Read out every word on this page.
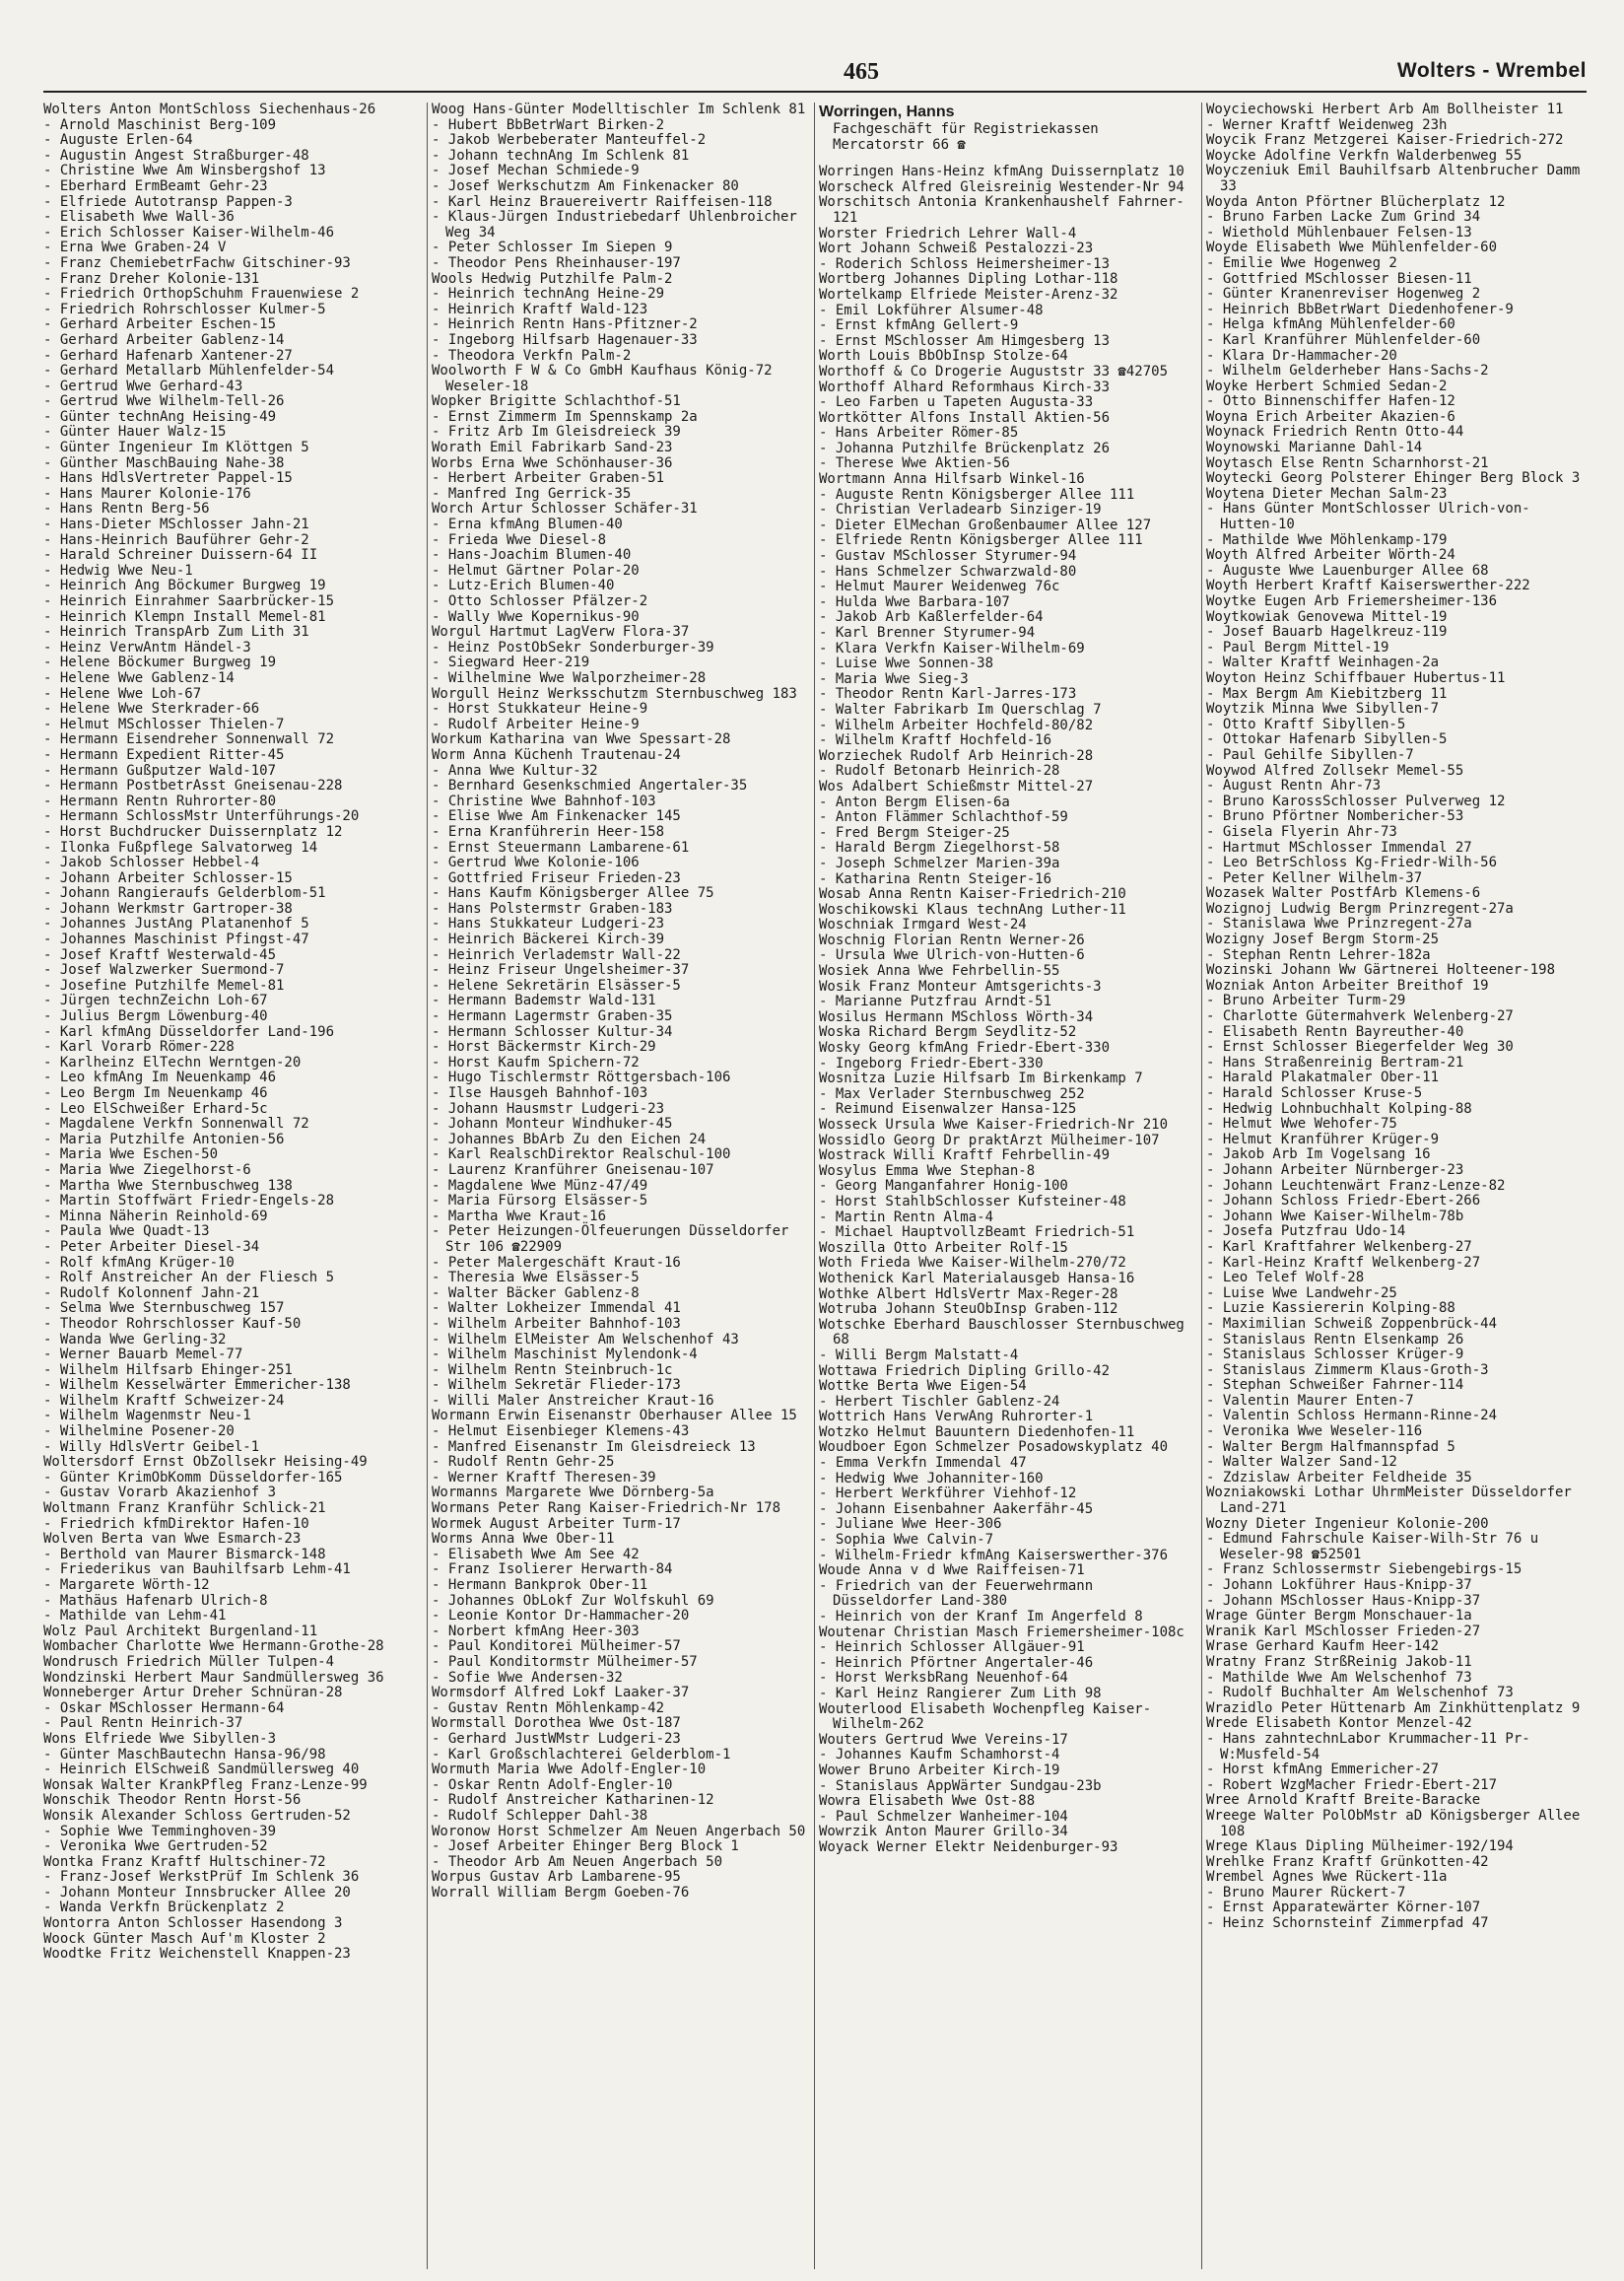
465	Wolters - Wrembel
Wolters Anton MontSchloss Siechenhaus-26
- Arnold Maschinist Berg-109
- Auguste Erlen-64
- Augustin Angest Straßburger-48
- Christine Wwe Am Winsbergshof 13
- Eberhard ErmBeamt Gehr-23
- Elfriede Autotransp Pappen-3
- Elisabeth Wwe Wall-36
- Erich Schlosser Kaiser-Wilhelm-46
- Erna Wwe Graben-24 V
- Franz ChemiebetrFachw Gitschiner-93
- Franz Dreher Kolonie-131
- Friedrich OrthopSchuhm Frauenwiese 2
- Friedrich Rohrschlosser Kulmer-5
- Gerhard Arbeiter Eschen-15
- Gerhard Arbeiter Gablenz-14
- Gerhard Hafenarb Xantener-27
- Gerhard Metallarb Mühlenfelder-54
- Gertrud Wwe Gerhard-43
- Gertrud Wwe Wilhelm-Tell-26
- Günter technAng Heising-49
- Günter Hauer Walz-15
- Günter Ingenieur Im Klöttgen 5
- Günther MaschBauing Nahe-38
- Hans HdlsVertreter Pappel-15
- Hans Maurer Kolonie-176
- Hans Rentn Berg-56
- Hans-Dieter MSchlosser Jahn-21
- Hans-Heinrich Bauführer Gehr-2
- Harald Schreiner Duissern-64 II
- Hedwig Wwe Neu-1
- Heinrich Ang Böckumer Burgweg 19
- Heinrich Einrahmer Saarbrücker-15
- Heinrich Klempn Install Memel-81
- Heinrich TranspArb Zum Lith 31
- Heinz VerwAntm Händel-3
- Helene Böckumer Burgweg 19
- Helene Wwe Gablenz-14
- Helene Wwe Loh-67
- Helene Wwe Sterkrader-66
- Helmut MSchlosser Thielen-7
- Hermann Eisendreher Sonnenwall 72
- Hermann Expedient Ritter-45
- Hermann Gußputzer Wald-107
- Hermann PostbetrAsst Gneisenau-228
- Hermann Rentn Ruhrorter-80
- Hermann SchlossMstr Unterführungs-20
- Horst Buchdrucker Duissernplatz 12
- Ilonka Fußpflege Salvatorweg 14
- Jakob Schlosser Hebbel-4
- Johann Arbeiter Schlosser-15
- Johann Rangieraufs Gelderblom-51
- Johann Werkmstr Gartroper-38
- Johannes JustAng Platanenhof 5
- Johannes Maschinist Pfingst-47
- Josef Kraftf Westerwald-45
- Josef Walzwerker Suermond-7
- Josefine Putzhilfe Memel-81
- Jürgen technZeichn Loh-67
- Julius Bergm Löwenburg-40
- Karl kfmAng Düsseldorfer Land-196
- Karl Vorarb Römer-228
- Karlheinz ElTechn Werntgen-20
- Leo kfmAng Im Neuenkamp 46
- Leo Bergm Im Neuenkamp 46
- Leo ElSchweißer Erhard-5c
- Magdalene Verkfn Sonnenwall 72
- Maria Putzhilfe Antonien-56
- Maria Wwe Eschen-50
- Maria Wwe Ziegelhorst-6
- Martha Wwe Sternbuschweg 138
- Martin Stoffwärt Friedr-Engels-28
- Minna Näherin Reinhold-69
- Paula Wwe Quadt-13
- Peter Arbeiter Diesel-34
- Rolf kfmAng Krüger-10
- Rolf Anstreicher An der Fliesch 5
- Rudolf Kolonnenf Jahn-21
- Selma Wwe Sternbuschweg 157
- Theodor Rohrschlosser Kauf-50
- Wanda Wwe Gerling-32
- Werner Bauarb Memel-77
- Wilhelm Hilfsarb Ehinger-251
- Wilhelm Kesselwärter Emmericher-138
- Wilhelm Kraftf Schweizer-24
- Wilhelm Wagenmstr Neu-1
- Wilhelmine Posener-20
- Willy HdlsVertr Geibel-1
Woltersdorf Ernst ObZollsekr Heising-49
- Günter KrimObKomm Düsseldorfer-165
- Gustav Vorarb Akazienhof 3
Woltmann Franz Kranführ Schlick-21
- Friedrich kfmDirektor Hafen-10
Wolven Berta van Wwe Esmarch-23
- Berthold van Maurer Bismarck-148
- Friederikus van Bauhilfsarb Lehm-41
- Margarete Wörth-12
- Mathäus Hafenarb Ulrich-8
- Mathilde van Lehm-41
Wolz Paul Architekt Burgenland-11
Wombacher Charlotte Wwe Hermann-Grothe-28
Wondrusch Friedrich Müller Tulpen-4
Wondzinski Herbert Maur Sandmüllersweg 36
Wonneberger Artur Dreher Schnüran-28
- Oskar MSchlosser Hermann-64
- Paul Rentn Heinrich-37
Wons Elfriede Wwe Sibyllen-3
- Günter MaschBautechn Hansa-96/98
- Heinrich ElSchweiß Sandmüllersweg 40
Wonsak Walter KrankPfleg Franz-Lenze-99
Wonschik Theodor Rentn Horst-56
Wonsik Alexander Schloss Gertruden-52
- Sophie Wwe Temminghoven-39
- Veronika Wwe Gertruden-52
Wontka Franz Kraftf Hultschiner-72
- Franz-Josef WerkstPrüf Im Schlenk 36
- Johann Monteur Innsbrucker Allee 20
- Wanda Verkfn Brückenplatz 2
Wontorra Anton Schlosser Hasendong 3
Woock Günter Masch Auf'm Kloster 2
Woodtke Fritz Weichenstell Knappen-23
Woog Hans-Günter Modelltischler Im Schlenk 81
- Hubert BbBetrWart Birken-2
- Jakob Werbeberater Manteuffel-2
- Johann technAng Im Schlenk 81
- Josef Mechan Schmiede-9
- Josef Werkschutzm Am Finkenacker 80
- Karl Heinz Brauereivertr Raiffeisen-118
- Klaus-Jürgen Industriebedarf Uhlenbroicher Weg 34
- Peter Schlosser Im Siepen 9
- Theodor Pens Rheinhauser-197
Wools Hedwig Putzhilfe Palm-2
- Heinrich technAng Heine-29
- Heinrich Kraftf Wald-123
- Heinrich Rentn Hans-Pfitzner-2
- Ingeborg Hilfsarb Hagenauer-33
- Theodora Verkfn Palm-2
Woolworth F W & Co GmbH Kaufhaus König-72 Weseler-18
Wopker Brigitte Schlachthof-51
- Ernst Zimmerm Im Spennskamp 2a
- Fritz Arb Im Gleisdreieck 39
Worath Emil Fabrikarb Sand-23
Worbs Erna Wwe Schönhauser-36
- Herbert Arbeiter Graben-51
- Manfred Ing Gerrick-35
Worch Artur Schlosser Schäfer-31
- Erna kfmAng Blumen-40
- Frieda Wwe Diesel-8
- Hans-Joachim Blumen-40
- Helmut Gärtner Polar-20
- Lutz-Erich Blumen-40
- Otto Schlosser Pfälzer-2
- Wally Wwe Kopernikus-90
Worgul Hartmut LagVerw Flora-37
- Heinz PostObSekr Sonderburger-39
- Siegward Heer-219
- Wilhelmine Wwe Walporzheimer-28
Worgull Heinz Werksschutzm Sternbuschweg 183
- Horst Stukkateur Heine-9
- Rudolf Arbeiter Heine-9
Workum Katharina van Wwe Spessart-28
Worm Anna Küchenh Trautenau-24
- Anna Wwe Kultur-32
- Bernhard Gesenkschmied Angertaler-35
- Christine Wwe Bahnhof-103
- Elise Wwe Am Finkenacker 145
- Erna Kranführerin Heer-158
- Ernst Steuermann Lambarene-61
- Gertrud Wwe Kolonie-106
- Gottfried Friseur Frieden-23
- Hans Kaufm Königsberger Allee 75
- Hans Polstermstr Graben-183
- Hans Stukkateur Ludgeri-23
- Heinrich Bäckerei Kirch-39
- Heinrich Verlademstr Wall-22
- Heinz Friseur Ungelsheimer-37
- Helene Sekretärin Elsässer-5
- Hermann Bademstr Wald-131
- Hermann Lagermstr Graben-35
- Hermann Schlosser Kultur-34
- Horst Bäckermstr Kirch-29
- Horst Kaufm Spichern-72
- Hugo Tischlermstr Röttgersbach-106
- Ilse Hausgeh Bahnhof-103
- Johann Hausmstr Ludgeri-23
- Johann Monteur Windhuker-45
- Johannes BbArb Zu den Eichen 24
- Karl RealschDirektor Realschul-100
- Laurenz Kranführer Gneisenau-107
- Magdalene Wwe Münz-47/49
- Maria Fürsorg Elsässer-5
- Martha Wwe Kraut-16
- Peter Heizungen-Ölfeuerungen Düsseldorfer Str 106 ☎22909
- Peter Malergeschäft Kraut-16
- Theresia Wwe Elsässer-5
- Walter Bäcker Gablenz-8
- Walter Lokheizer Immendal 41
- Wilhelm Arbeiter Bahnhof-103
- Wilhelm ElMeister Am Welschenhof 43
- Wilhelm Maschinist Mylendonk-4
- Wilhelm Rentn Steinbruch-1c
- Wilhelm Sekretär Flieder-173
- Willi Maler Anstreicher Kraut-16
Wormann Erwin Eisenanstr Oberhauser Allee 15
- Helmut Eisenbieger Klemens-43
- Manfred Eisenanstr Im Gleisdreieck 13
- Rudolf Rentn Gehr-25
- Werner Kraftf Theresen-39
Wormanns Margarete Wwe Dörnberg-5a
Wormans Peter Rang Kaiser-Friedrich-Nr 178
Wormek August Arbeiter Turm-17
Worms Anna Wwe Ober-11
- Elisabeth Wwe Am See 42
- Franz Isolierer Herwarth-84
- Hermann Bankprok Ober-11
- Johannes ObLokf Zur Wolfskuhl 69
- Leonie Kontor Dr-Hammacher-20
- Norbert kfmAng Heer-303
- Paul Konditorei Mülheimer-57
- Paul Konditormstr Mülheimer-57
- Sofie Wwe Andersen-32
Wormsdorf Alfred Lokf Laaker-37
- Gustav Rentn Möhlenkamp-42
Wormstall Dorothea Wwe Ost-187
- Gerhard JustWMstr Ludgeri-23
- Karl Großschlachterei Gelderblom-1
Wormuth Maria Wwe Adolf-Engler-10
- Oskar Rentn Adolf-Engler-10
- Rudolf Anstreicher Katharinen-12
- Rudolf Schlepper Dahl-38
Woronow Horst Schmelzer Am Neuen Angerbach 50
- Josef Arbeiter Ehinger Berg Block 1
- Theodor Arb Am Neuen Angerbach 50
Worpus Gustav Arb Lambarene-95
Worrall William Bergm Goeben-76
Worringen, Hanns
Fachgeschäft für Registriekassen
Mercatorstr 66 ☎
Worringen Hans-Heinz kfmAng Duissernplatz 10
Worscheck Alfred Gleisreinig Westender-Nr 94
Worschitsch Antonia Krankenhaushelf Fahrner-121
Worster Friedrich Lehrer Wall-4
Wort Johann Schweiß Pestalozzi-23
- Roderich Schloss Heimersheimer-13
Wortberg Johannes Dipling Lothar-118
Wortelkamp Elfriede Meister-Arenz-32
- Emil Lokführer Alsumer-48
- Ernst kfmAng Gellert-9
- Ernst MSchlosser Am Himgesberg 13
Worth Louis BbObInsp Stolze-64
Worthoff & Co Drogerie Auguststr 33 ☎42705
Worthoff Alhard Reformhaus Kirch-33
- Leo Farben u Tapeten Augusta-33
Wortkötter Alfons Install Aktien-56
- Hans Arbeiter Römer-85
- Johanna Putzhilfe Brückenplatz 26
- Therese Wwe Aktien-56
Wortmann Anna Hilfsarb Winkel-16
- Auguste Rentn Königsberger Allee 111
- Christian Verladearb Sinziger-19
- Dieter ElMechan Großenbaumer Allee 127
- Elfriede Rentn Königsberger Allee 111
- Gustav MSchlosser Styrumer-94
- Hans Schmelzer Schwarzwald-80
- Helmut Maurer Weidenweg 76c
- Hulda Wwe Barbara-107
- Jakob Arb Kaßlerfelder-64
- Karl Brenner Styrumer-94
- Klara Verkfn Kaiser-Wilhelm-69
- Luise Wwe Sonnen-38
- Maria Wwe Sieg-3
- Theodor Rentn Karl-Jarres-173
- Walter Fabrikarb Im Querschlag 7
- Wilhelm Arbeiter Hochfeld-80/82
- Wilhelm Kraftf Hochfeld-16
Worziechek Rudolf Arb Heinrich-28
- Rudolf Betonarb Heinrich-28
Wos Adalbert Schießmstr Mittel-27
- Anton Bergm Elisen-6a
- Anton Flämmer Schlachthof-59
- Fred Bergm Steiger-25
- Harald Bergm Ziegelhorst-58
- Joseph Schmelzer Marien-39a
- Katharina Rentn Steiger-16
Wosab Anna Rentn Kaiser-Friedrich-210
Woschikowski Klaus technAng Luther-11
Woschniak Irmgard West-24
Woschnig Florian Rentn Werner-26
- Ursula Wwe Ulrich-von-Hutten-6
Wosiek Anna Wwe Fehrbellin-55
Wosik Franz Monteur Amtsgerichts-3
- Marianne Putzfrau Arndt-51
Wosilus Hermann MSchloss Wörth-34
Woska Richard Bergm Seydlitz-52
Wosky Georg kfmAng Friedr-Ebert-330
- Ingeborg Friedr-Ebert-330
Wosnitza Luzie Hilfsarb Im Birkenkamp 7
- Max Verlader Sternbuschweg 252
- Reimund Eisenwalzer Hansa-125
Wosseck Ursula Wwe Kaiser-Friedrich-Nr 210
Wossidlo Georg Dr praktArzt Mülheimer-107
Wostrack Willi Kraftf Fehrbellin-49
Wosylus Emma Wwe Stephan-8
- Georg Manganfahrer Honig-100
- Horst StahlbSchlosser Kufsteiner-48
- Martin Rentn Alma-4
- Michael HauptvollzBeamt Friedrich-51
Woszilla Otto Arbeiter Rolf-15
Woth Frieda Wwe Kaiser-Wilhelm-270/72
Wothenick Karl Materialausgeb Hansa-16
Wothke Albert HdlsVertr Max-Reger-28
Wotrubа Johann SteuObInsp Graben-112
Wotschke Eberhard Bauschlosser Sternbuschweg 68
- Willi Bergm Malstatt-4
Wottawa Friedrich Dipling Grillo-42
Wottke Berta Wwe Eigen-54
- Herbert Tischler Gablenz-24
Wottrich Hans VerwAng Ruhrorter-1
Wotzko Helmut Bauuntern Diedenhofen-11
Woudboer Egon Schmelzer Posadowskyplatz 40
- Emma Verkfn Immendal 47
- Hedwig Wwe Johanniter-160
- Herbert Werkführer Viehhof-12
- Johann Eisenbahner Aakerfähr-45
- Juliane Wwe Heer-306
- Sophia Wwe Calvin-7
- Wilhelm-Friedr kfmAng Kaiserswerther-376
Woude Anna v d Wwe Raiffeisen-71
- Friedrich van der Feuerwehrmann Düsseldorfer Land-380
- Heinrich von der Kranf Im Angerfeld 8
Woutenar Christian Masch Friemersheimer-108c
- Heinrich Schlosser Allgäuer-91
- Heinrich Pförtner Angertaler-46
- Horst WerksbRang Neuenhof-64
- Karl Heinz Rangierer Zum Lith 98
Wouterlood Elisabeth Wochenpfleg Kaiser-Wilhelm-262
Wouters Gertrud Wwe Vereins-17
- Johannes Kaufm Schamhorst-4
Wower Bruno Arbeiter Kirch-19
- Stanislaus AppWärter Sundgau-23b
Wowra Elisabeth Wwe Ost-88
- Paul Schmelzer Wanheimer-104
Wowrzik Anton Maurer Grillo-34
Woyack Werner Elektr Neidenburger-93
Woyciechowski Herbert Arb Am Bollheister 11
- Werner Kraftf Weidenweg 23h
Woycik Franz Metzgerei Kaiser-Friedrich-272
Woycke Adolfine Verkfn Walderbenweg 55
Woyczeniuk Emil Bauhilfsarb Altenbrucher Damm 33
Woyda Anton Pförtner Blücherplatz 12
- Bruno Farben Lacke Zum Grind 34
- Wiethold Mühlenbauer Felsen-13
Woyde Elisabeth Wwe Mühlenfelder-60
- Emilie Wwe Hogenweg 2
- Gottfried MSchlosser Biesen-11
- Günter Kranenreviser Hogenweg 2
- Heinrich BbBetrWart Diedenhofener-9
- Helga kfmAng Mühlenfelder-60
- Karl Kranführer Mühlenfelder-60
- Klara Dr-Hammacher-20
- Wilhelm Gelderheber Hans-Sachs-2
Woyke Herbert Schmied Sedan-2
- Otto Binnenschiffer Hafen-12
Woyna Erich Arbeiter Akazien-6
Woynack Friedrich Rentn Otto-44
Woynowski Marianne Dahl-14
Woytasch Else Rentn Scharnhorst-21
Woytecki Georg Polsterer Ehinger Berg Block 3
Woytena Dieter Mechan Salm-23
- Hans Günter MontSchlosser Ulrich-von-Hutten-10
- Mathilde Wwe Möhlenkamp-179
Woyth Alfred Arbeiter Wörth-24
- Auguste Wwe Lauenburger Allee 68
Woyth Herbert Kraftf Kaiserswerther-222
Woytke Eugen Arb Friemersheimer-136
Woytkowiak Genovewa Mittel-19
- Josef Bauarb Hagelkreuz-119
- Paul Bergm Mittel-19
- Walter Kraftf Weinhagen-2a
Woyton Heinz Schiffbauer Hubertus-11
- Max Bergm Am Kiebitzberg 11
Woytzik Minna Wwe Sibyllen-7
- Otto Kraftf Sibyllen-5
- Ottokar Hafenarb Sibyllen-5
- Paul Gehilfe Sibyllen-7
Woywod Alfred Zollsekr Memel-55
- August Rentn Ahr-73
- Bruno KarossSchlosser Pulverweg 12
- Bruno Pförtner Nombericher-53
- Gisela Flyerin Ahr-73
- Hartmut MSchlosser Immendal 27
- Leo BetrSchloss Kg-Friedr-Wilh-56
- Peter Kellner Wilhelm-37
Wozasek Walter PostfArb Klemens-6
Wozignoj Ludwig Bergm Prinzregent-27a
- Stanislawa Wwe Prinzregent-27a
Wozigny Josef Bergm Storm-25
- Stephan Rentn Lehrer-182a
Wozinski Johann Ww Gärtnerei Holteener-198
Wozniak Anton Arbeiter Breithof 19
- Bruno Arbeiter Turm-29
- Charlotte Gütermahverk Welenberg-27
- Elisabeth Rentn Bayreuther-40
- Ernst Schlosser Biegerfelder Weg 30
- Hans Straßenreinig Bertram-21
- Harald Plakatmaler Ober-11
- Harald Schlosser Kruse-5
- Hedwig Lohnbuchhalt Kolping-88
- Helmut Wwe Wehofer-75
- Helmut Kranführer Krüger-9
- Jakob Arb Im Vogelsang 16
- Johann Arbeiter Nürnberger-23
- Johann Leuchtenwärt Franz-Lenze-82
- Johann Schloss Friedr-Ebert-266
- Johann Wwe Kaiser-Wilhelm-78b
- Josefa Putzfrau Udo-14
- Karl Kraftfahrer Welkenberg-27
- Karl-Heinz Kraftf Welkenberg-27
- Leo Telef Wolf-28
- Luise Wwe Landwehr-25
- Luzie Kassiererin Kolping-88
- Maximilian Schweiß Zoppenbrück-44
- Stanislaus Rentn Elsenkamp 26
- Stanislaus Schlosser Krüger-9
- Stanislaus Zimmerm Klaus-Groth-3
- Stephan Schweißer Fahrner-114
- Valentin Maurer Enten-7
- Valentin Schloss Hermann-Rinne-24
- Veronika Wwe Weseler-116
- Walter Bergm Halfmannspfad 5
- Walter Walzer Sand-12
- Zdzislaw Arbeiter Feldheide 35
Wozniakowski Lothar UhrmMeister Düsseldorfer Land-271
Wozny Dieter Ingenieur Kolonie-200
- Edmund Fahrschule Kaiser-Wilh-Str 76 u Weseler-98 ☎52501
- Franz Schlossermstr Siebengebirgs-15
- Johann Lokführer Haus-Knipp-37
- Johann MSchlosser Haus-Knipp-37
Wrage Günter Bergm Monschauer-1a
Wranik Karl MSchlosser Frieden-27
Wrase Gerhard Kaufm Heer-142
Wratny Franz StrßReinig Jakob-11
- Mathilde Wwe Am Welschenhof 73
- Rudolf Buchhalter Am Welschenhof 73
Wrazidlo Peter Hüttenarb Am Zinkhüttenplatz 9
Wrede Elisabeth Kontor Menzel-42
- Hans zahntechnLabor Krummacher-11 Pr-W:Musfeld-54
- Horst kfmAng Emmericher-27
- Robert WzgMacher Friedr-Ebert-217
Wree Arnold Kraftf Breite-Baracke
Wreege Walter PolObMstr aD Königsberger Allee 108
Wrege Klaus Dipling Mülheimer-192/194
Wrehlke Franz Kraftf Grünkotten-42
Wrembel Agnes Wwe Rückert-11a
- Bruno Maurer Rückert-7
- Ernst Apparatewärter Körner-107
- Heinz Schornsteinf Zimmerpfad 47
